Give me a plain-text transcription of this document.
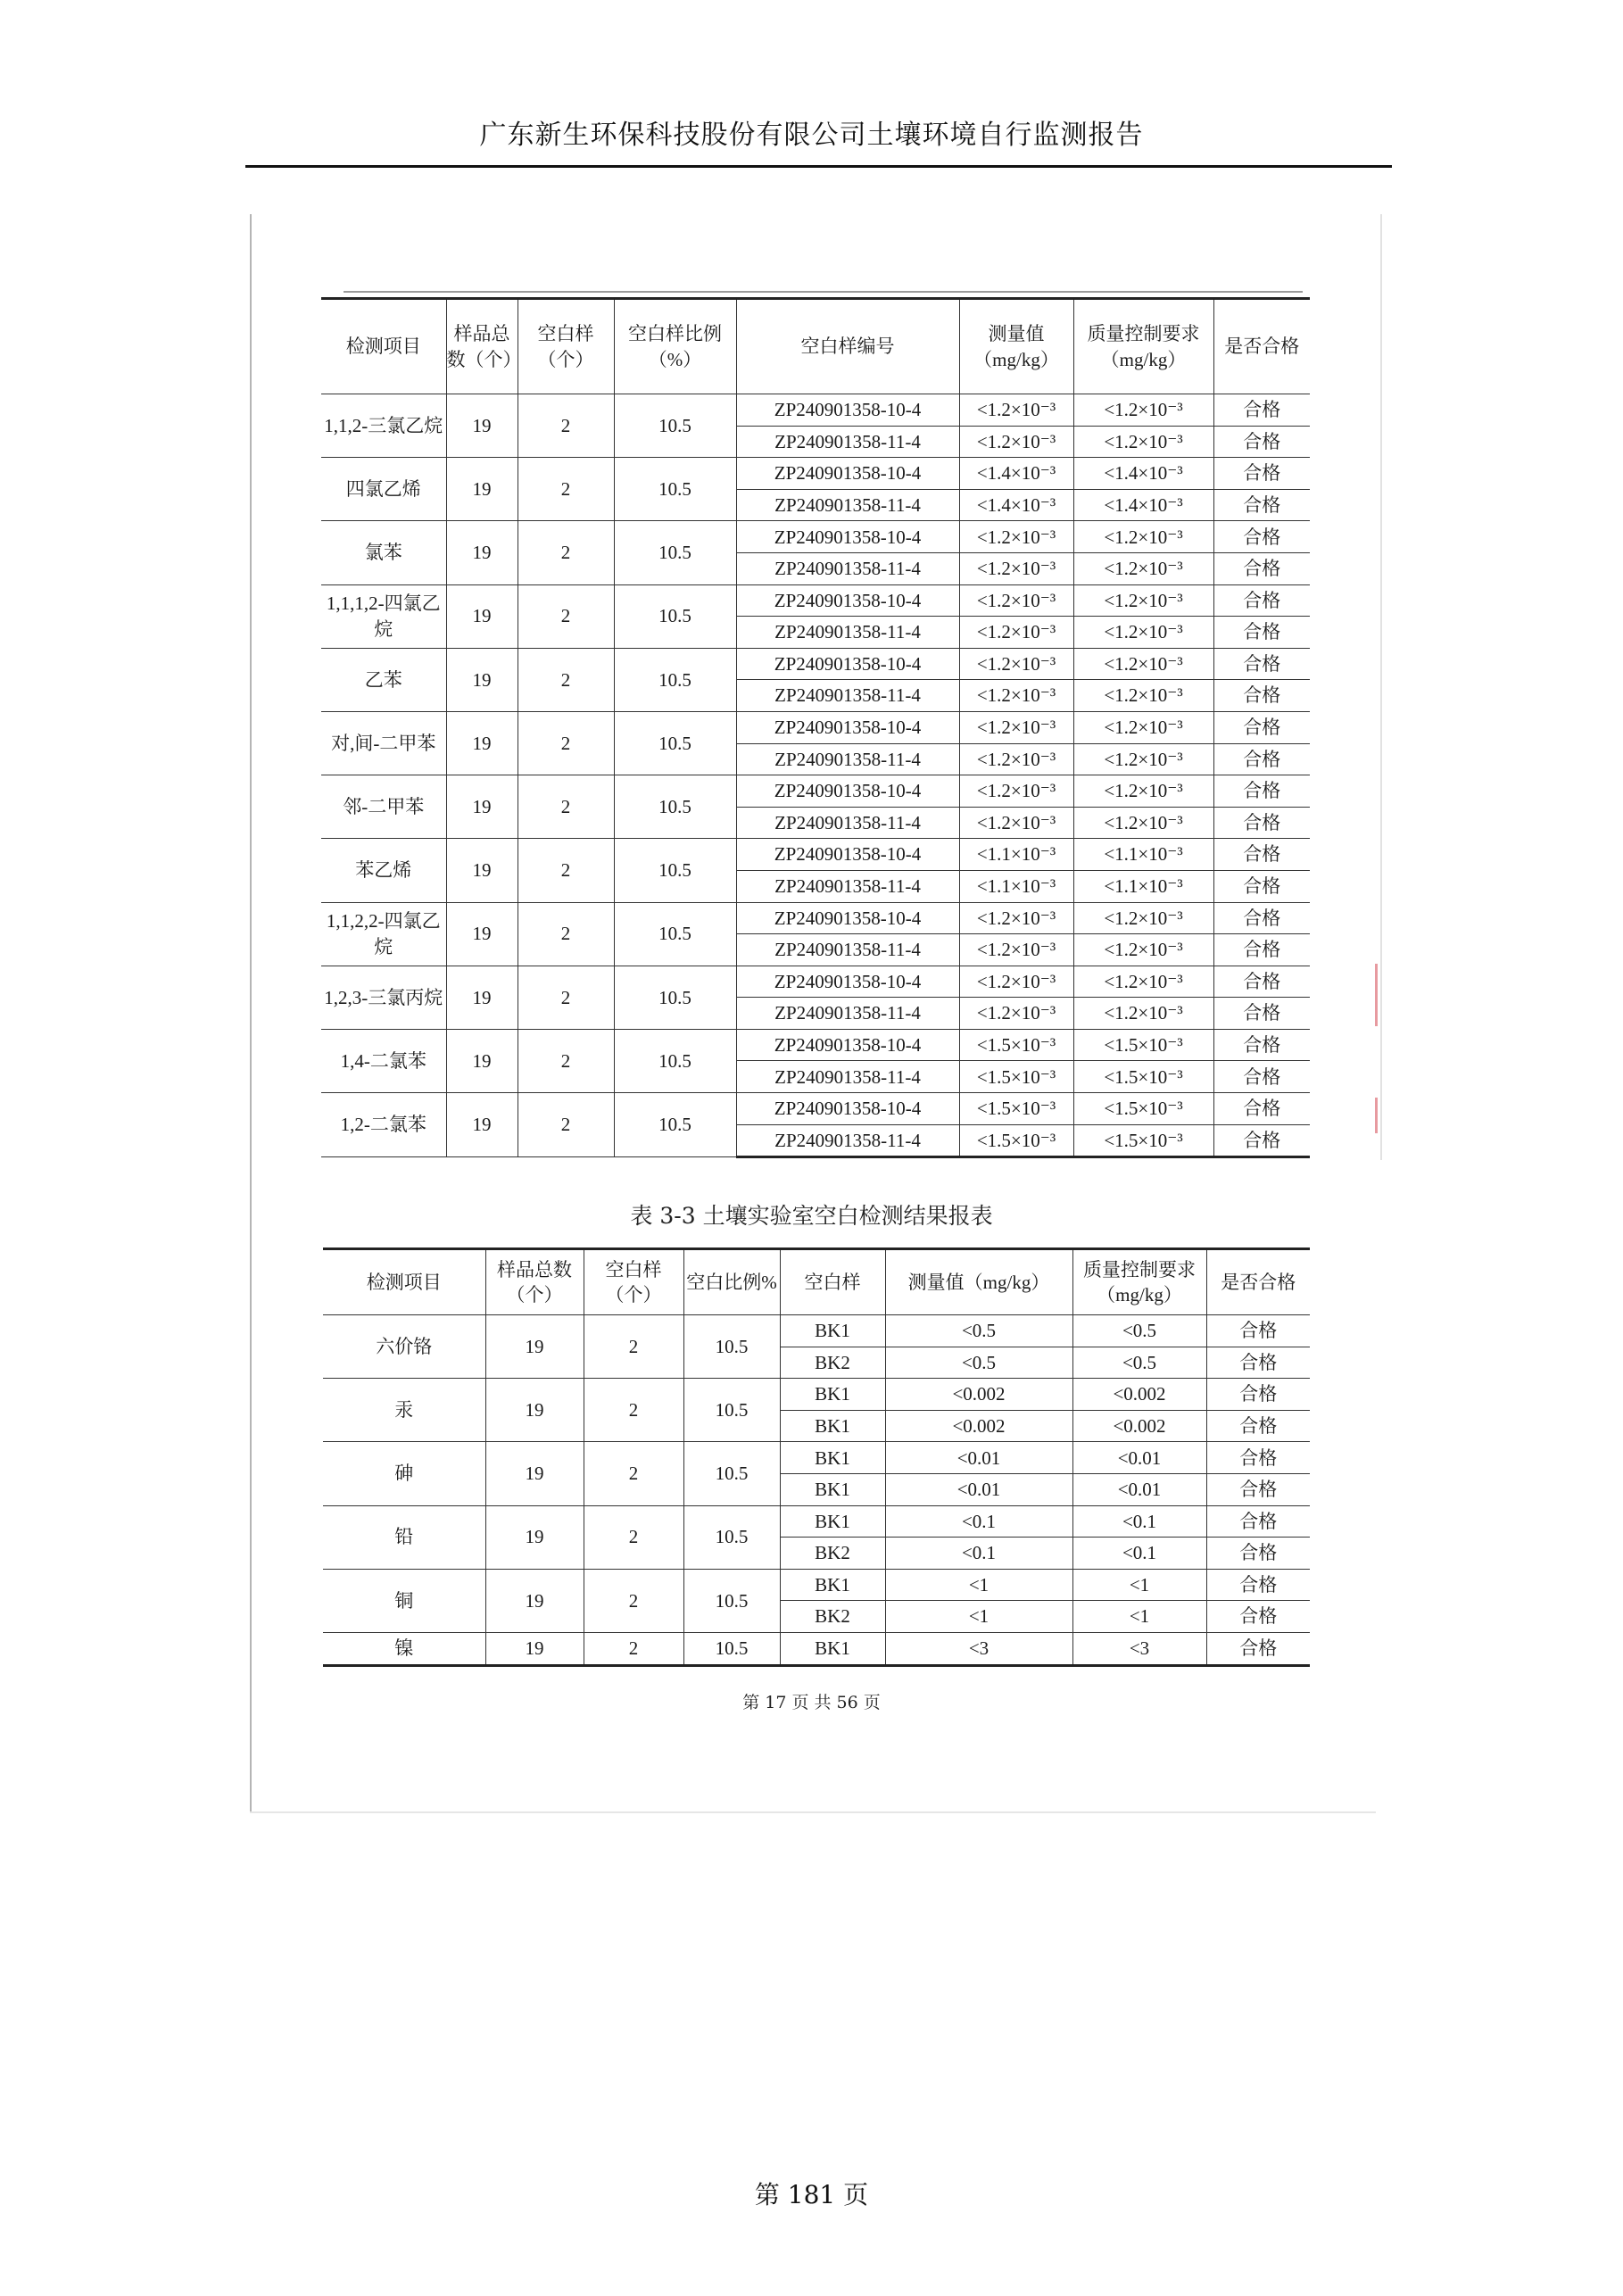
广东新生环保科技股份有限公司土壤环境自行监测报告
检测项目	样品总数（个）	空白样（个）	空白样比例（%）	空白样编号	测量值（mg/kg）	质量控制要求（mg/kg）	是否合格
1,1,2-三氯乙烷	19	2	10.5	ZP240901358-10-4	<1.2×10⁻³	<1.2×10⁻³	合格
				ZP240901358-11-4	<1.2×10⁻³	<1.2×10⁻³	合格
四氯乙烯	19	2	10.5	ZP240901358-10-4	<1.4×10⁻³	<1.4×10⁻³	合格
				ZP240901358-11-4	<1.4×10⁻³	<1.4×10⁻³	合格
氯苯	19	2	10.5	ZP240901358-10-4	<1.2×10⁻³	<1.2×10⁻³	合格
				ZP240901358-11-4	<1.2×10⁻³	<1.2×10⁻³	合格
1,1,1,2-四氯乙烷	19	2	10.5	ZP240901358-10-4	<1.2×10⁻³	<1.2×10⁻³	合格
				ZP240901358-11-4	<1.2×10⁻³	<1.2×10⁻³	合格
乙苯	19	2	10.5	ZP240901358-10-4	<1.2×10⁻³	<1.2×10⁻³	合格
				ZP240901358-11-4	<1.2×10⁻³	<1.2×10⁻³	合格
对,间-二甲苯	19	2	10.5	ZP240901358-10-4	<1.2×10⁻³	<1.2×10⁻³	合格
				ZP240901358-11-4	<1.2×10⁻³	<1.2×10⁻³	合格
邻-二甲苯	19	2	10.5	ZP240901358-10-4	<1.2×10⁻³	<1.2×10⁻³	合格
				ZP240901358-11-4	<1.2×10⁻³	<1.2×10⁻³	合格
苯乙烯	19	2	10.5	ZP240901358-10-4	<1.1×10⁻³	<1.1×10⁻³	合格
				ZP240901358-11-4	<1.1×10⁻³	<1.1×10⁻³	合格
1,1,2,2-四氯乙烷	19	2	10.5	ZP240901358-10-4	<1.2×10⁻³	<1.2×10⁻³	合格
				ZP240901358-11-4	<1.2×10⁻³	<1.2×10⁻³	合格
1,2,3-三氯丙烷	19	2	10.5	ZP240901358-10-4	<1.2×10⁻³	<1.2×10⁻³	合格
				ZP240901358-11-4	<1.2×10⁻³	<1.2×10⁻³	合格
1,4-二氯苯	19	2	10.5	ZP240901358-10-4	<1.5×10⁻³	<1.5×10⁻³	合格
				ZP240901358-11-4	<1.5×10⁻³	<1.5×10⁻³	合格
1,2-二氯苯	19	2	10.5	ZP240901358-10-4	<1.5×10⁻³	<1.5×10⁻³	合格
				ZP240901358-11-4	<1.5×10⁻³	<1.5×10⁻³	合格
表 3-3 土壤实验室空白检测结果报表
检测项目	样品总数（个）	空白样（个）	空白比例%	空白样	测量值（mg/kg）	质量控制要求（mg/kg）	是否合格
六价铬	19	2	10.5	BK1	<0.5	<0.5	合格
				BK2	<0.5	<0.5	合格
汞	19	2	10.5	BK1	<0.002	<0.002	合格
				BK1	<0.002	<0.002	合格
砷	19	2	10.5	BK1	<0.01	<0.01	合格
				BK1	<0.01	<0.01	合格
铅	19	2	10.5	BK1	<0.1	<0.1	合格
				BK2	<0.1	<0.1	合格
铜	19	2	10.5	BK1	<1	<1	合格
				BK2	<1	<1	合格
镍	19	2	10.5	BK1	<3	<3	合格
第 17 页 共 56 页
第 181 页
